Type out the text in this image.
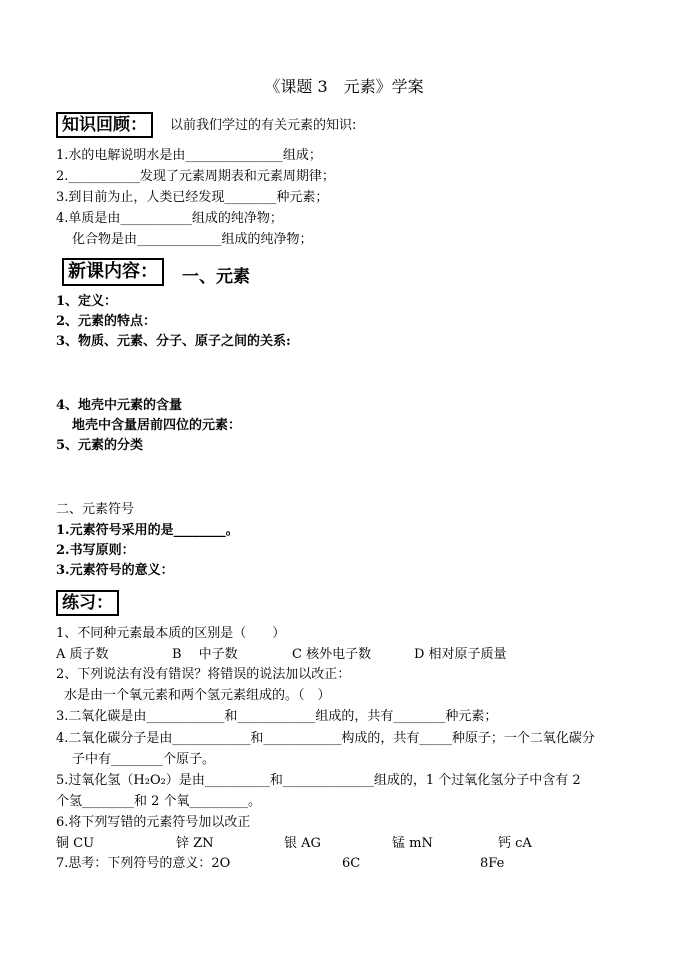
《课题 3　元素》学案
知识回顾：	以前我们学过的有关元素的知识:
1.水的电解说明水是由_______________组成；
2.___________发现了元素周期表和元素周期律；
3.到目前为止，人类已经发现________种元素；
4.单质是由___________组成的纯净物；
化合物是由_____________组成的纯净物；
新课内容：	一、元素
1、定义：
2、元素的特点：
3、物质、元素、分子、原子之间的关系:
4、地壳中元素的含量
地壳中含量居前四位的元素：
5、元素的分类
二、元素符号
1.元素符号采用的是________。
2.书写原则：
3.元素符号的意义：
练习：
1、不同种元素最本质的区别是（　　）
A 质子数	B　 中子数	C 核外电子数	D 相对原子质量
2、下列说法有没有错误？将错误的说法加以改正：
水是由一个氧元素和两个氢元素组成的。（　）
3.二氧化碳是由____________和____________组成的，共有________种元素；
4.二氧化碳分子是由____________和____________构成的，共有_____种原子；一个二氧化碳分
子中有________个原子。
5.过氧化氢（H₂O₂）是由__________和______________组成的，1 个过氧化氢分子中含有 2
个氢________和 2 个氧_________。
6.将下列写错的元素符号加以改正
铜 CU	锌 ZN	银 AG	锰 mN	钙 cA
7.思考：下列符号的意义：2O	6C	8Fe
